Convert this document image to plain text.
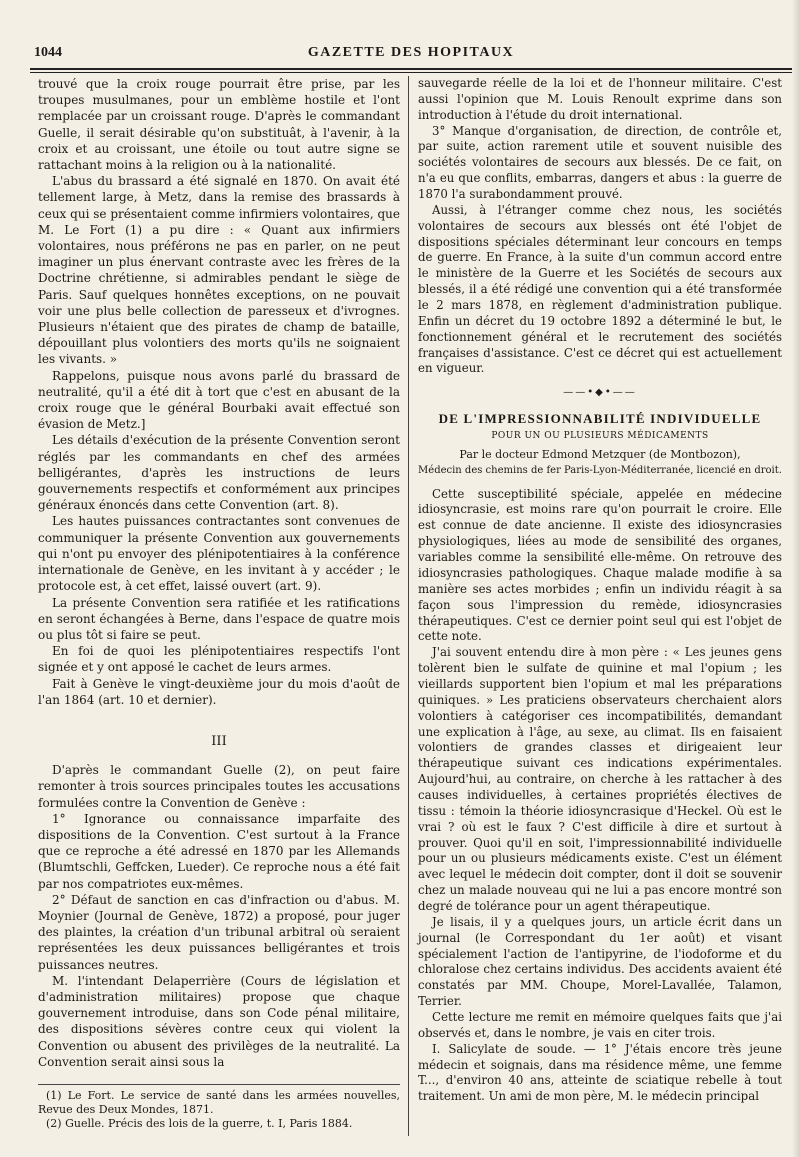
1044	GAZETTE DES HOPITAUX

trouvé que la croix rouge pourrait être prise, par les troupes musulmanes, pour un emblème hostile et l'ont remplacée par un croissant rouge. D'après le commandant Guelle, il serait désirable qu'on substituât, à l'avenir, à la croix et au croissant, une étoile ou tout autre signe se rattachant moins à la religion ou à la nationalité.

L'abus du brassard a été signalé en 1870. On avait été tellement large, à Metz, dans la remise des brassards à ceux qui se présentaient comme infirmiers volontaires, que M. Le Fort (1) a pu dire : « Quant aux infirmiers volontaires, nous préférons ne pas en parler, on ne peut imaginer un plus énervant contraste avec les frères de la Doctrine chrétienne, si admirables pendant le siège de Paris. Sauf quelques honnêtes exceptions, on ne pouvait voir une plus belle collection de paresseux et d'ivrognes. Plusieurs n'étaient que des pirates de champ de bataille, dépouillant plus volontiers des morts qu'ils ne soignaient les vivants. »

Rappelons, puisque nous avons parlé du brassard de neutralité, qu'il a été dit à tort que c'est en abusant de la croix rouge que le général Bourbaki avait effectué son évasion de Metz.]

Les détails d'exécution de la présente Convention seront réglés par les commandants en chef des armées belligérantes, d'après les instructions de leurs gouvernements respectifs et conformément aux principes généraux énoncés dans cette Convention (art. 8).

Les hautes puissances contractantes sont convenues de communiquer la présente Convention aux gouvernements qui n'ont pu envoyer des plénipotentiaires à la conférence internationale de Genève, en les invitant à y accéder ; le protocole est, à cet effet, laissé ouvert (art. 9).

La présente Convention sera ratifiée et les ratifications en seront échangées à Berne, dans l'espace de quatre mois ou plus tôt si faire se peut.

En foi de quoi les plénipotentiaires respectifs l'ont signée et y ont apposé le cachet de leurs armes.

Fait à Genève le vingt-deuxième jour du mois d'août de l'an 1864 (art. 10 et dernier).

III

D'après le commandant Guelle (2), on peut faire remonter à trois sources principales toutes les accusations formulées contre la Convention de Genève :

1° Ignorance ou connaissance imparfaite des dispositions de la Convention. C'est surtout à la France que ce reproche a été adressé en 1870 par les Allemands (Blumtschli, Geffcken, Lueder). Ce reproche nous a été fait par nos compatriotes eux-mêmes.

2° Défaut de sanction en cas d'infraction ou d'abus. M. Moynier (Journal de Genève, 1872) a proposé, pour juger des plaintes, la création d'un tribunal arbitral où seraient représentées les deux puissances belligérantes et trois puissances neutres.

M. l'intendant Delaperrière (Cours de législation et d'administration militaires) propose que chaque gouvernement introduise, dans son Code pénal militaire, des dispositions sévères contre ceux qui violent la Convention ou abusent des privilèges de la neutralité. La Convention serait ainsi sous la

(1) Le Fort. Le service de santé dans les armées nouvelles, Revue des Deux Mondes, 1871.

(2) Guelle. Précis des lois de la guerre, t. I, Paris 1884.

sauvegarde réelle de la loi et de l'honneur militaire. C'est aussi l'opinion que M. Louis Renoult exprime dans son introduction à l'étude du droit international.

3° Manque d'organisation, de direction, de contrôle et, par suite, action rarement utile et souvent nuisible des sociétés volontaires de secours aux blessés. De ce fait, on n'a eu que conflits, embarras, dangers et abus : la guerre de 1870 l'a surabondamment prouvé.

Aussi, à l'étranger comme chez nous, les sociétés volontaires de secours aux blessés ont été l'objet de dispositions spéciales déterminant leur concours en temps de guerre. En France, à la suite d'un commun accord entre le ministère de la Guerre et les Sociétés de secours aux blessés, il a été rédigé une convention qui a été transformée le 2 mars 1878, en règlement d'administration publique. Enfin un décret du 19 octobre 1892 a déterminé le but, le fonctionnement général et le recrutement des sociétés françaises d'assistance. C'est ce décret qui est actuellement en vigueur.

——•◆•——

DE L'IMPRESSIONNABILITÉ INDIVIDUELLE

POUR UN OU PLUSIEURS MÉDICAMENTS

Par le docteur Edmond Metzquer (de Montbozon),

Médecin des chemins de fer Paris-Lyon-Méditerranée, licencié en droit.

Cette susceptibilité spéciale, appelée en médecine idiosyncrasie, est moins rare qu'on pourrait le croire. Elle est connue de date ancienne. Il existe des idiosyncrasies physiologiques, liées au mode de sensibilité des organes, variables comme la sensibilité elle-même. On retrouve des idiosyncrasies pathologiques. Chaque malade modifie à sa manière ses actes morbides ; enfin un individu réagit à sa façon sous l'impression du remède, idiosyncrasies thérapeutiques. C'est ce dernier point seul qui est l'objet de cette note.

J'ai souvent entendu dire à mon père : « Les jeunes gens tolèrent bien le sulfate de quinine et mal l'opium ; les vieillards supportent bien l'opium et mal les préparations quiniques. » Les praticiens observateurs cherchaient alors volontiers à catégoriser ces incompatibilités, demandant une explication à l'âge, au sexe, au climat. Ils en faisaient volontiers de grandes classes et dirigeaient leur thérapeutique suivant ces indications expérimentales. Aujourd'hui, au contraire, on cherche à les rattacher à des causes individuelles, à certaines propriétés électives de tissu : témoin la théorie idiosyncrasique d'Heckel. Où est le vrai ? où est le faux ? C'est difficile à dire et surtout à prouver. Quoi qu'il en soit, l'impressionnabilité individuelle pour un ou plusieurs médicaments existe. C'est un élément avec lequel le médecin doit compter, dont il doit se souvenir chez un malade nouveau qui ne lui a pas encore montré son degré de tolérance pour un agent thérapeutique.

Je lisais, il y a quelques jours, un article écrit dans un journal (le Correspondant du 1er août) et visant spécialement l'action de l'antipyrine, de l'iodoforme et du chloralose chez certains individus. Des accidents avaient été constatés par MM. Choupe, Morel-Lavallée, Talamon, Terrier.

Cette lecture me remit en mémoire quelques faits que j'ai observés et, dans le nombre, je vais en citer trois.

I. Salicylate de soude. — 1° J'étais encore très jeune médecin et soignais, dans ma résidence même, une femme T..., d'environ 40 ans, atteinte de sciatique rebelle à tout traitement. Un ami de mon père, M. le médecin principal
